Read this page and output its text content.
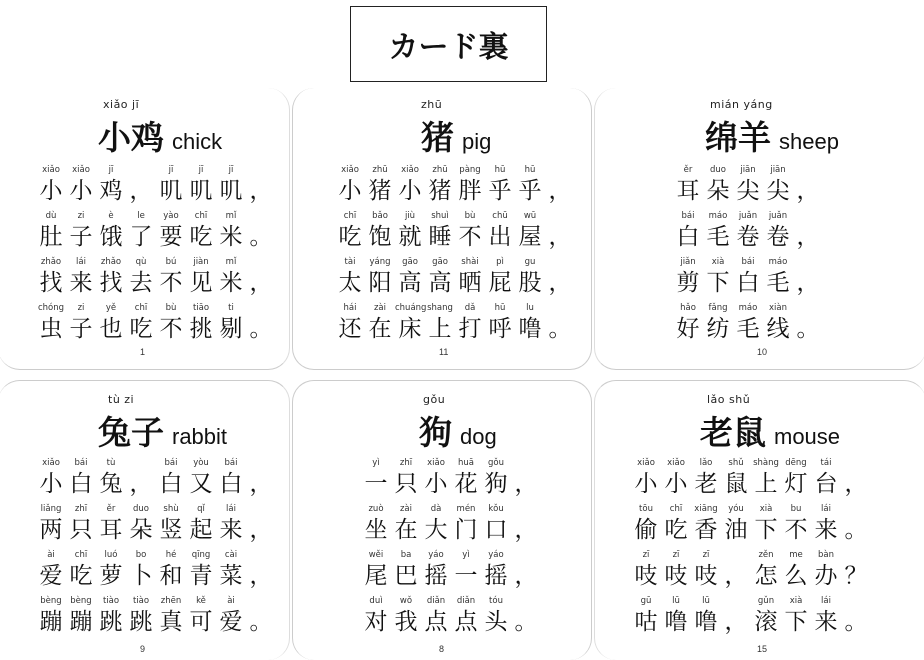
カード裏
xiǎo jī
小鸡 chick
xiǎo	xiǎo	jī	jī	jī	jī
小 小 鸡 ， 叽 叽 叽 ，
dù	zi	è	le	yào	chī	mǐ
肚 子 饿 了 要 吃 米 。
zhǎo	lái	zhǎo	qù	bú	jiàn	mǐ
找 来 找 去 不 见 米 ，
chóng	zi	yě	chī	bù	tiāo	ti
虫 子 也 吃 不 挑 剔 。
1
zhū
猪 pig
xiǎo	zhū	xiǎo	zhū	pàng	hū	hū
小 猪 小 猪 胖 乎 乎 ，
chī	bǎo	jiù	shuì	bù	chū	wū
吃 饱 就 睡 不 出 屋 ，
tài	yáng	gāo	gāo	shài	pì	gu
太 阳 高 高 晒 屁 股 ，
hái	zài	chuáng shang	dǎ	hū	lu
还 在 床 上 打 呼 噜 。
11
mián yáng
绵羊 sheep
ěr	duo	jiān	jiān
耳 朵 尖 尖 ，
bái	máo	juǎn	juǎn
白 毛 卷 卷 ，
jiǎn	xià	bái	máo
剪 下 白 毛 ，
hǎo	fǎng	máo	xiàn
好 纺 毛 线 。
10
tù zi
兔子 rabbit
xiǎo	bái	tù	bái	yòu	bái
小 白 兔 ， 白 又 白 ，
liǎng	zhī	ěr	duo	shù	qǐ	lái
两 只 耳 朵 竖 起 来 ，
ài	chī	luó	bo	hé	qīng	cài
爱 吃 萝 卜 和 青 菜 ，
bèng	bèng	tiào	tiào	zhēn	kě	ài
蹦 蹦 跳 跳 真 可 爱 。
9
gǒu
狗 dog
yì	zhī	xiǎo	huā	gǒu
一 只 小 花 狗 ，
zuò	zài	dà	mén	kǒu
坐 在 大 门 口 ，
wěi	ba	yáo	yì	yáo
尾 巴 摇 一 摇 ，
duì	wǒ	diǎn	diǎn	tóu
对 我 点 点 头 。
8
lǎo shǔ
老鼠 mouse
xiǎo	xiǎo	lǎo	shǔ	shàng dēng	tái
小 小 老 鼠 上 灯 台 ，
tōu	chī	xiāng	yóu	xià	bu	lái
偷 吃 香 油 下 不 来 。
zī	zī	zī	zěn	me	bàn
吱 吱 吱 ， 怎 么 办 ？
gū	lū	lū	gǔn	xià	lái
咕 噜 噜 ， 滚 下 来 。
15
